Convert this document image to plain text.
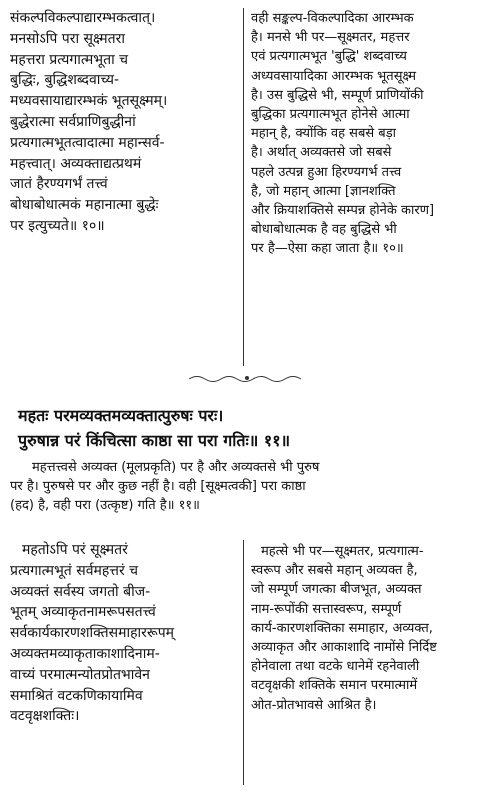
संकल्पविकल्पाद्यारम्भकत्वात्।
मनसोऽपि परा सूक्ष्मतरा
महत्तरा प्रत्यगात्मभूता च
बुद्धिः, बुद्धिशब्दवाच्य-
मध्यवसायाद्यारम्भकं भूतसूक्ष्मम्।
बुद्धेरात्मा सर्वप्राणिबुद्धीनां
प्रत्यगात्मभूतत्वादात्मा महान्सर्व-
महत्त्वात्। अव्यक्ताद्यत्प्रथमं
जातं हैरण्यगर्भं तत्त्वं
बोधाबोधात्मकं महानात्मा बुद्धेः
पर इत्युच्यते॥ १०॥
वही सङ्कल्प-विकल्पादिका आरम्भक
है। मनसे भी पर—सूक्ष्मतर, महत्तर
एवं प्रत्यगात्मभूत 'बुद्धि' शब्दवाच्य
अध्यवसायादिका आरम्भक भूतसूक्ष्म
है। उस बुद्धिसे भी, सम्पूर्ण प्राणियोंकी
बुद्धिका प्रत्यगात्मभूत होनेसे आत्मा
महान् है, क्योंकि वह सबसे बड़ा
है। अर्थात् अव्यक्तसे जो सबसे
पहले उत्पन्न हुआ हिरण्यगर्भ तत्त्व
है, जो महान् आत्मा [ज्ञानशक्ति
और क्रियाशक्तिसे सम्पन्न होनेके कारण]
बोधाबोधात्मक है वह बुद्धिसे भी
पर है—ऐसा कहा जाता है॥ १०॥
महतः परमव्यक्तमव्यक्तात्पुरुषः परः।
पुरुषान्न परं किंचित्सा काष्ठा सा परा गतिः॥ ११॥
महत्तत्त्वसे अव्यक्त (मूलप्रकृति) पर है और अव्यक्तसे भी पुरुष
पर है। पुरुषसे पर और कुछ नहीं है। वही [सूक्ष्मत्वकी] परा काष्ठा
(हद) है, वही परा (उत्कृष्ट) गति है॥ ११॥
महतोऽपि परं सूक्ष्मतरं
प्रत्यगात्मभूतं सर्वमहत्तरं च
अव्यक्तं सर्वस्य जगतो बीज-
भूतम् अव्याकृतनामरूपसतत्त्वं
सर्वकार्यकारणशक्तिसमाहाररूपम्
अव्यक्तमव्याकृताकाशादिनाम-
वाच्यं परमात्मन्योतप्रोतभावेन
समाश्रितं वटकणिकायामिव
वटवृक्षशक्तिः।
महत्से भी पर—सूक्ष्मतर, प्रत्यगात्म-
स्वरूप और सबसे महान् अव्यक्त है,
जो सम्पूर्ण जगत्का बीजभूत, अव्यक्त
नाम-रूपोंकी सत्तास्वरूप, सम्पूर्ण
कार्य-कारणशक्तिका समाहार, अव्यक्त,
अव्याकृत और आकाशादि नामोंसे निर्दिष्ट
होनेवाला तथा वटके धानेमें रहनेवाली
वटवृक्षकी शक्तिके समान परमात्मामें
ओत-प्रोतभावसे आश्रित है।
